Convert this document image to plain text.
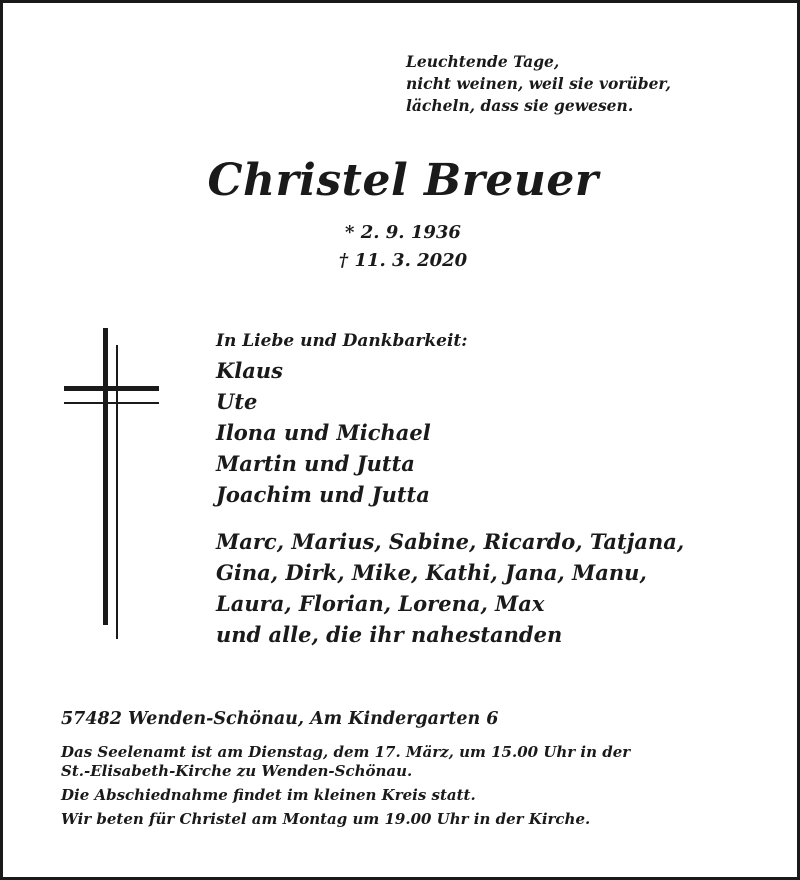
Leuchtende Tage,
nicht weinen, weil sie vorüber,
lächeln, dass sie gewesen.
Christel Breuer
* 2. 9. 1936
† 11. 3. 2020
In Liebe und Dankbarkeit:
Klaus
Ute
Ilona und Michael
Martin und Jutta
Joachim und Jutta
Marc, Marius, Sabine, Ricardo, Tatjana,
Gina, Dirk, Mike, Kathi, Jana, Manu,
Laura, Florian, Lorena, Max
und alle, die ihr nahestanden
57482 Wenden-Schönau, Am Kindergarten 6
Das Seelenamt ist am Dienstag, dem 17. März, um 15.00 Uhr in der
St.-Elisabeth-Kirche zu Wenden-Schönau.
Die Abschiednahme findet im kleinen Kreis statt.
Wir beten für Christel am Montag um 19.00 Uhr in der Kirche.
